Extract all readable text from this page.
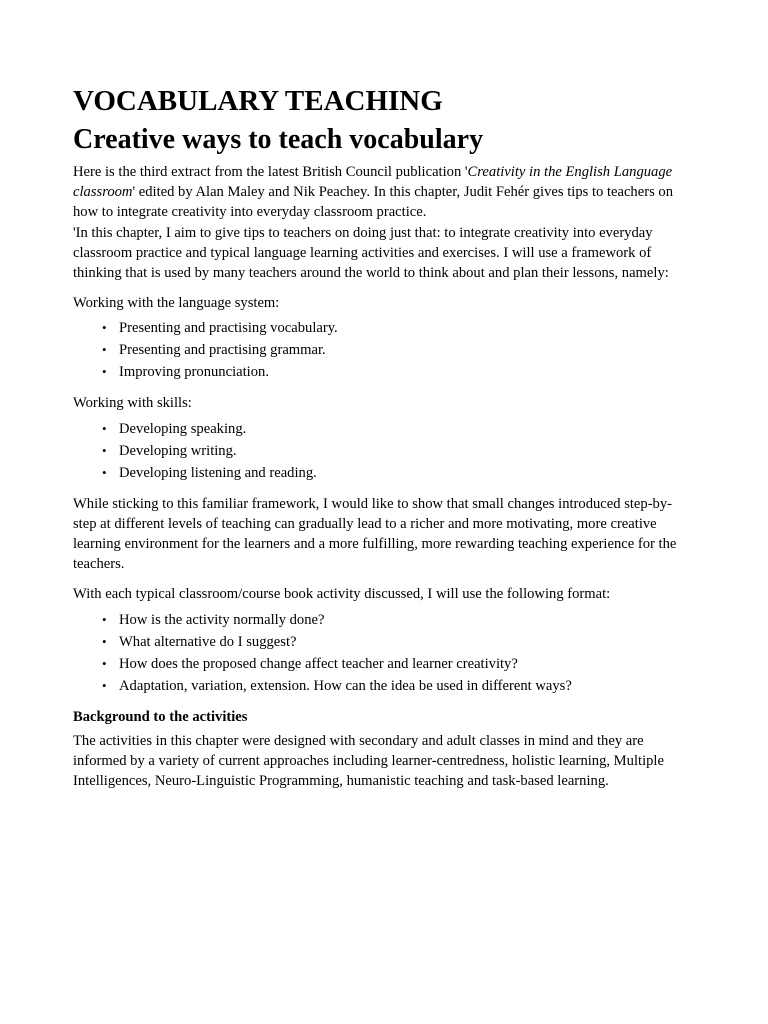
VOCABULARY TEACHING
Creative ways to teach vocabulary

Here is the third extract from the latest British Council publication 'Creativity in the English Language classroom' edited by Alan Maley and Nik Peachey. In this chapter, Judit Fehér gives tips to teachers on how to integrate creativity into everyday classroom practice.

'In this chapter, I aim to give tips to teachers on doing just that: to integrate creativity into everyday classroom practice and typical language learning activities and exercises. I will use a framework of thinking that is used by many teachers around the world to think about and plan their lessons, namely:

Working with the language system:

• Presenting and practising vocabulary.
• Presenting and practising grammar.
• Improving pronunciation.

Working with skills:

• Developing speaking.
• Developing writing.
• Developing listening and reading.

While sticking to this familiar framework, I would like to show that small changes introduced step-by-step at different levels of teaching can gradually lead to a richer and more motivating, more creative learning environment for the learners and a more fulfilling, more rewarding teaching experience for the teachers.

With each typical classroom/course book activity discussed, I will use the following format:

• How is the activity normally done?
• What alternative do I suggest?
• How does the proposed change affect teacher and learner creativity?
• Adaptation, variation, extension. How can the idea be used in different ways?
Background to the activities

The activities in this chapter were designed with secondary and adult classes in mind and they are informed by a variety of current approaches including learner-centredness, holistic learning, Multiple Intelligences, Neuro-Linguistic Programming, humanistic teaching and task-based learning.
